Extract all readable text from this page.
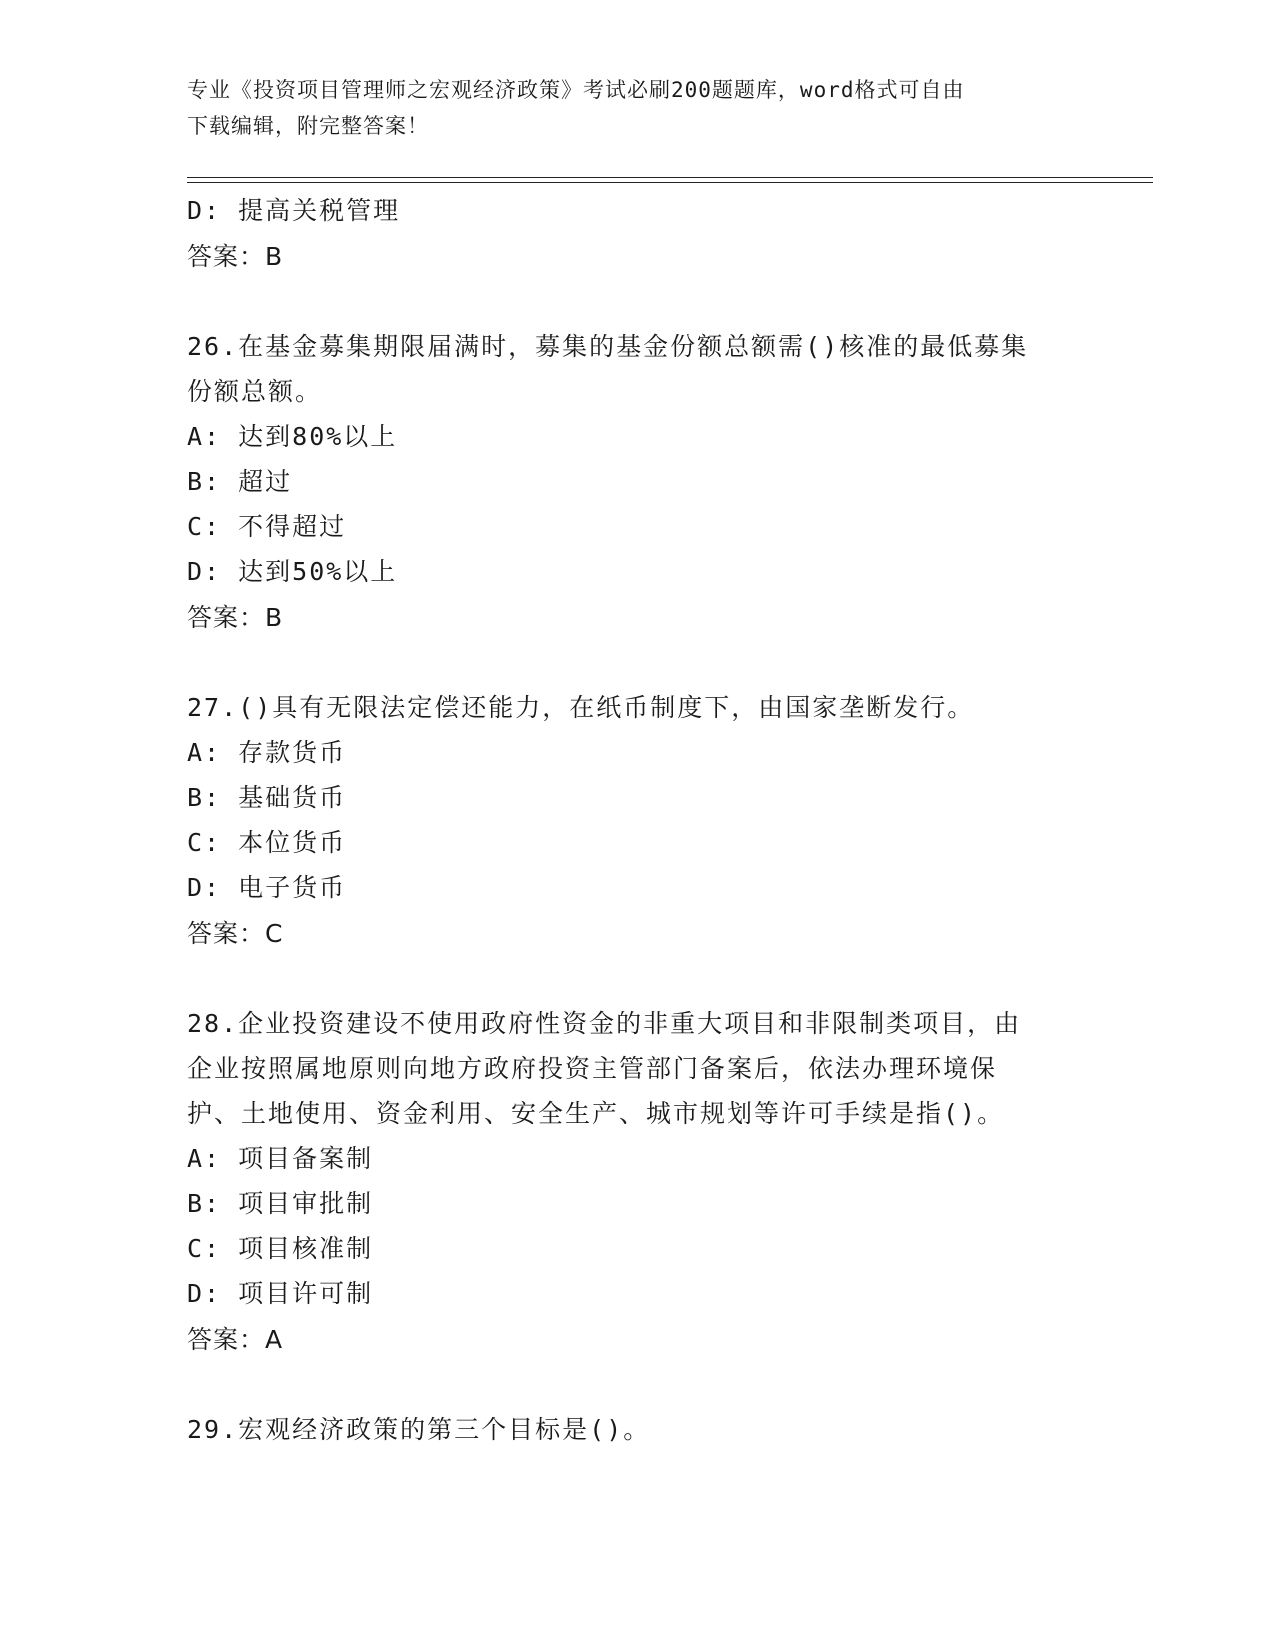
专业《投资项目管理师之宏观经济政策》考试必刷200题题库，word格式可自由
下载编辑，附完整答案！
D: 提高关税管理
答案：B
26.在基金募集期限届满时，募集的基金份额总额需()核准的最低募集
份额总额。
A: 达到80%以上
B: 超过
C: 不得超过
D: 达到50%以上
答案：B
27.()具有无限法定偿还能力，在纸币制度下，由国家垄断发行。
A: 存款货币
B: 基础货币
C: 本位货币
D: 电子货币
答案：C
28.企业投资建设不使用政府性资金的非重大项目和非限制类项目，由
企业按照属地原则向地方政府投资主管部门备案后，依法办理环境保
护、土地使用、资金利用、安全生产、城市规划等许可手续是指()。
A: 项目备案制
B: 项目审批制
C: 项目核准制
D: 项目许可制
答案：A
29.宏观经济政策的第三个目标是()。
